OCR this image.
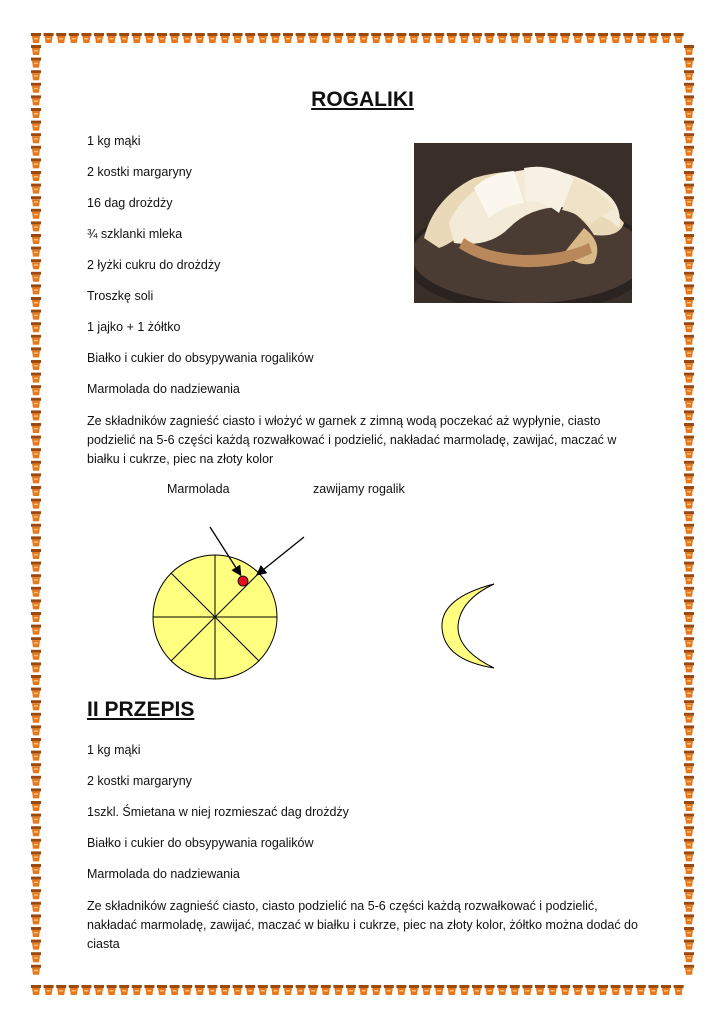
ROGALIKI
1 kg mąki
2 kostki margaryny
16 dag drożdży
¾ szklanki mleka
2 łyżki cukru do drożdży
Troszkę soli
1 jajko + 1 żółtko
Białko i cukier do obsypywania rogalików
Marmolada do nadziewania
Ze składników zagnieść ciasto i włożyć w garnek z zimną wodą poczekać aż wypłynie, ciasto podzielić na 5-6 części każdą rozwałkować i podzielić, nakładać marmoladę, zawijać, maczać w białku i cukrze, piec na złoty kolor
Marmolada	zawijamy rogalik
II PRZEPIS
1 kg mąki
2 kostki margaryny
1szkl. Śmietana w niej rozmieszać dag drożdży
Białko i cukier do obsypywania rogalików
Marmolada do nadziewania
Ze składników zagnieść ciasto, ciasto podzielić na 5-6 części każdą rozwałkować i podzielić, nakładać marmoladę, zawijać, maczać w białku i cukrze, piec na złoty kolor, żółtko można dodać do ciasta
